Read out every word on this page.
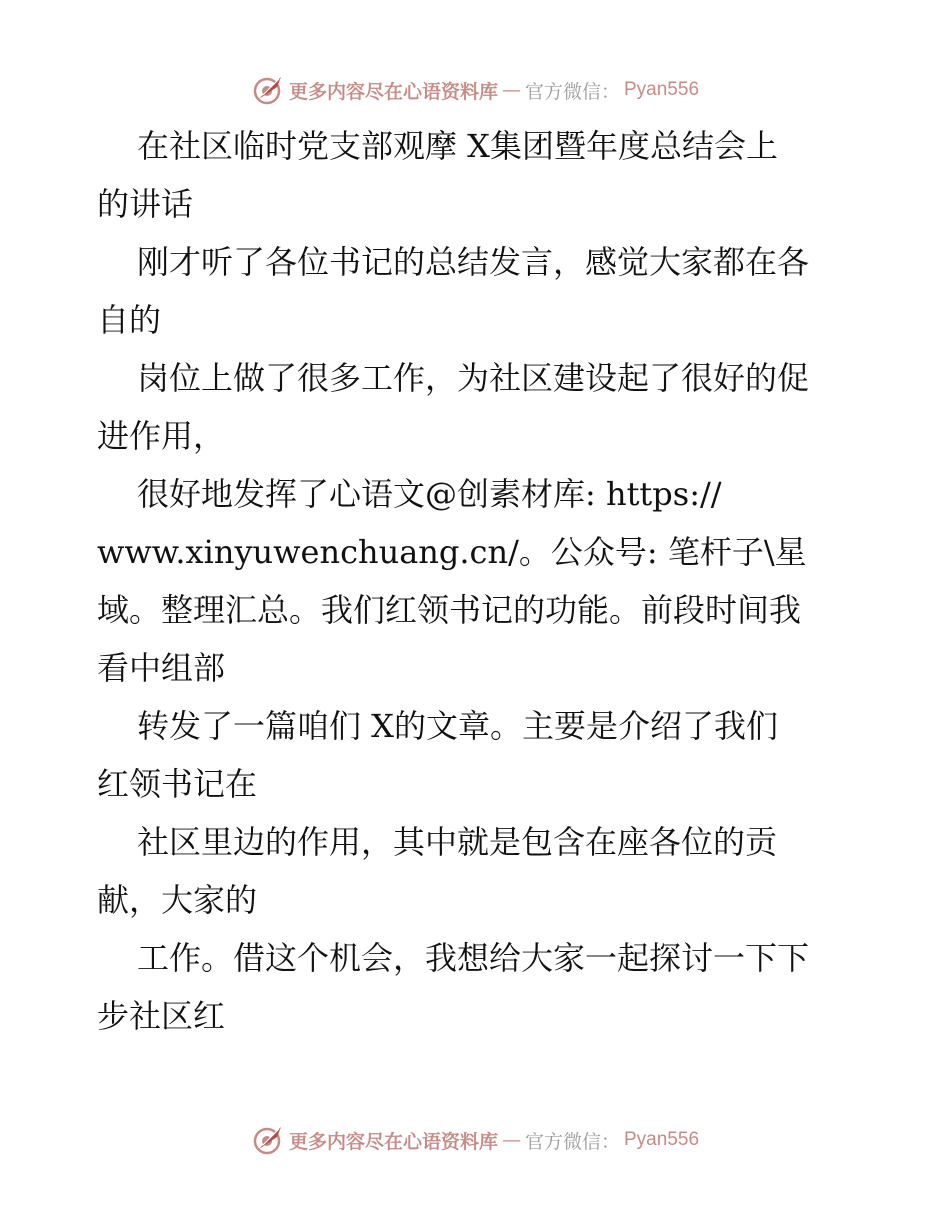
更多内容尽在心语资料库 — 官方微信： Pyan556
在社区临时党支部观摩 X集团暨年度总结会上
的讲话
刚才听了各位书记的总结发言，感觉大家都在各
自的
岗位上做了很多工作，为社区建设起了很好的促
进作用，
很好地发挥了心语文@创素材库: https://
www.xinyuwenchuang.cn/。公众号: 笔杆子\星
域。整理汇总。我们红领书记的功能。前段时间我
看中组部
转发了一篇咱们 X的文章。主要是介绍了我们
红领书记在
社区里边的作用，其中就是包含在座各位的贡
献，大家的
工作。借这个机会，我想给大家一起探讨一下下
步社区红
更多内容尽在心语资料库 — 官方微信： Pyan556
